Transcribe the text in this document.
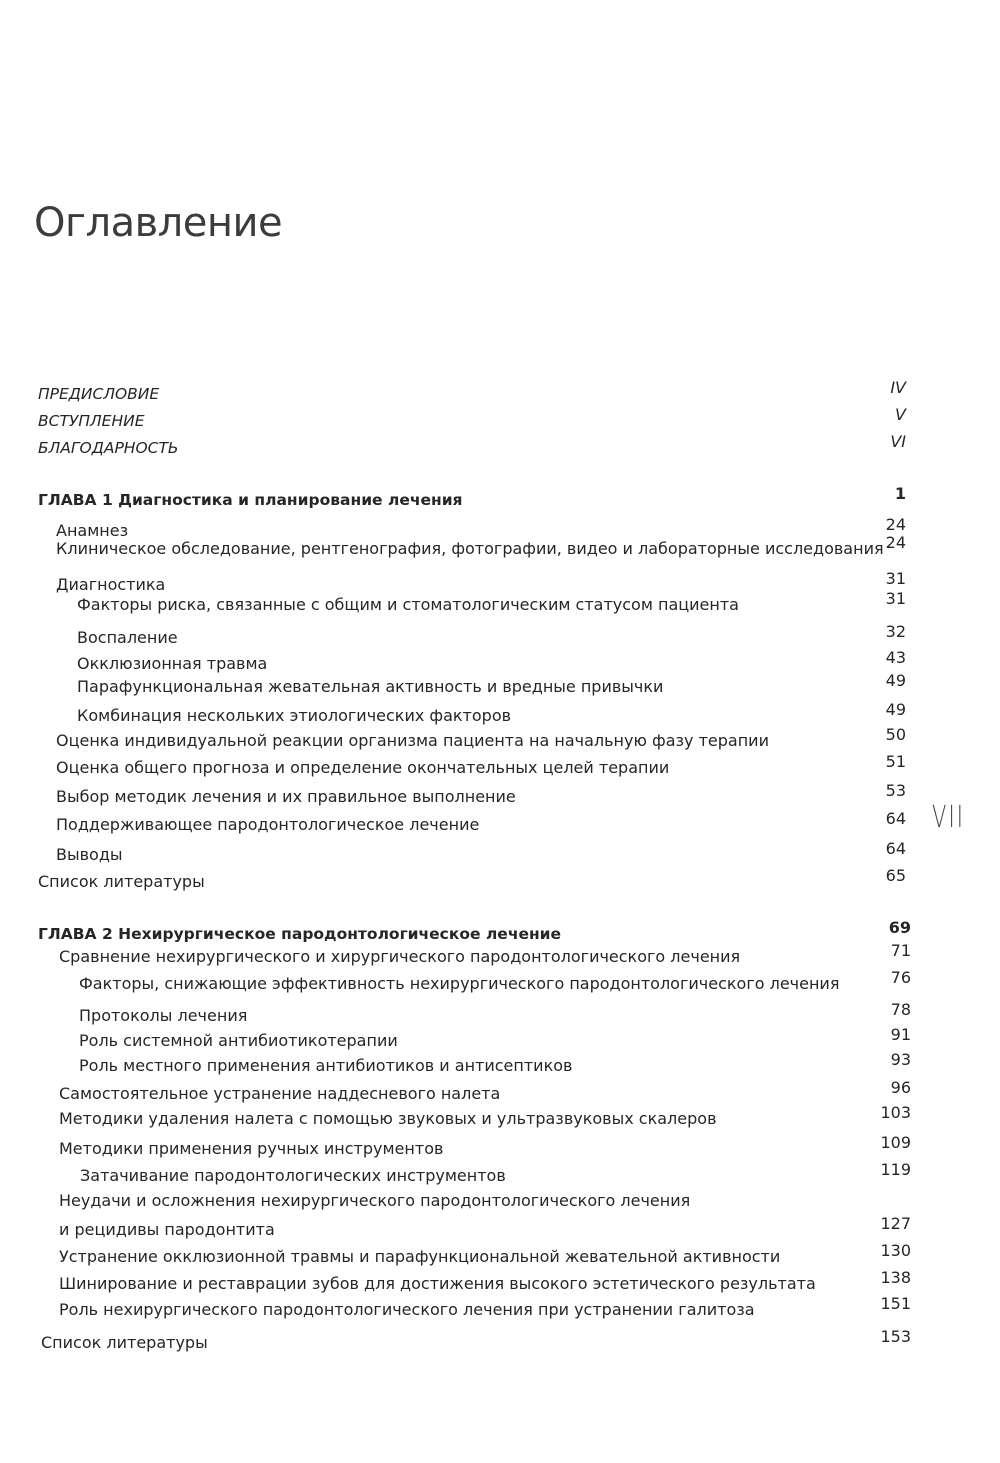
Оглавление
VII
ПРЕДИСЛОВИЕ	IV
ВСТУПЛЕНИЕ	V
БЛАГОДАРНОСТЬ	VI
ГЛАВА 1 Диагностика и планирование лечения	1
Анамнез	24
Клиническое обследование, рентгенография, фотографии, видео и лабораторные исследования 24
Диагностика	31
Факторы риска, связанные с общим и стоматологическим статусом пациента	31
Воспаление	32
Окклюзионная травма	43
Парафункциональная жевательная активность и вредные привычки	49
Комбинация нескольких этиологических факторов	49
Оценка индивидуальной реакции организма пациента на начальную фазу терапии	50
Оценка общего прогноза и определение окончательных целей терапии	51
Выбор методик лечения и их правильное выполнение	53
Поддерживающее пародонтологическое лечение	64
Выводы	64
Список литературы	65
ГЛАВА 2 Нехирургическое пародонтологическое лечение	69
Сравнение нехирургического и хирургического пародонтологического лечения	71
Факторы, снижающие эффективность нехирургического пародонтологического лечения	76
Протоколы лечения	78
Роль системной антибиотикотерапии	91
Роль местного применения антибиотиков и антисептиков	93
Самостоятельное устранение наддесневого налета	96
Методики удаления налета с помощью звуковых и ультразвуковых скалеров	103
Методики применения ручных инструментов	109
Затачивание пародонтологических инструментов	119
Неудачи и осложнения нехирургического пародонтологического лечения
и рецидивы пародонтита	127
Устранение окклюзионной травмы и парафункциональной жевательной активности	130
Шинирование и реставрации зубов для достижения высокого эстетического результата	138
Роль нехирургического пародонтологического лечения при устранении галитоза	151
Список литературы	153
